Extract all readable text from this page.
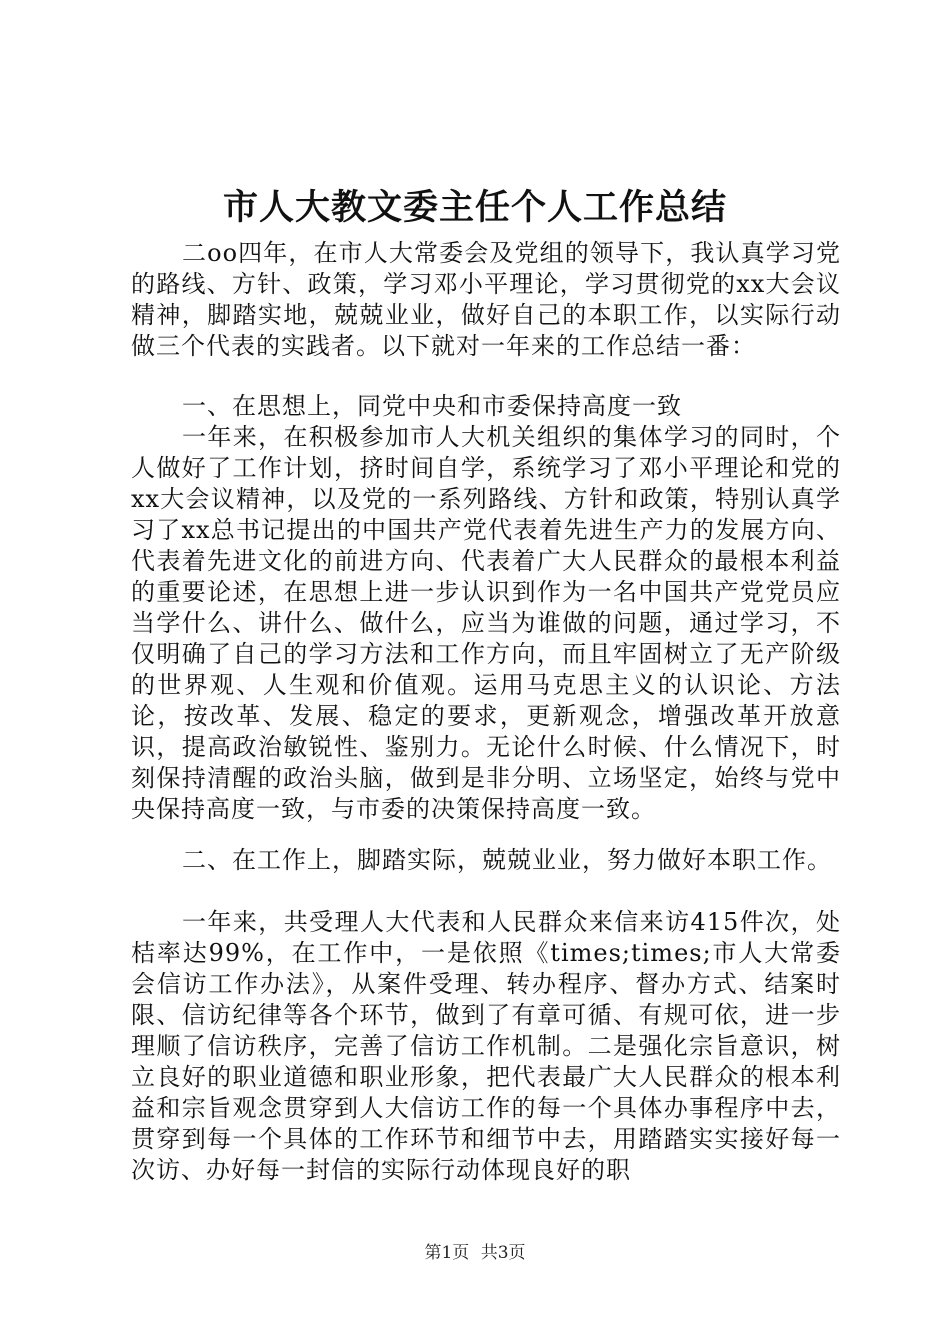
市人大教文委主任个人工作总结

二oo四年，在市人大常委会及党组的领导下，我认真学习党的路线、方针、政策，学习邓小平理论，学习贯彻党的xx大会议精神，脚踏实地，兢兢业业，做好自己的本职工作，以实际行动做三个代表的实践者。以下就对一年来的工作总结一番：

一、在思想上，同党中央和市委保持高度一致

一年来，在积极参加市人大机关组织的集体学习的同时，个人做好了工作计划，挤时间自学，系统学习了邓小平理论和党的xx大会议精神，以及党的一系列路线、方针和政策，特别认真学习了xx总书记提出的中国共产党代表着先进生产力的发展方向、代表着先进文化的前进方向、代表着广大人民群众的最根本利益的重要论述，在思想上进一步认识到作为一名中国共产党党员应当学什么、讲什么、做什么，应当为谁做的问题，通过学习，不仅明确了自己的学习方法和工作方向，而且牢固树立了无产阶级的世界观、人生观和价值观。运用马克思主义的认识论、方法论，按改革、发展、稳定的要求，更新观念，增强改革开放意识，提高政治敏锐性、鉴别力。无论什么时候、什么情况下，时刻保持清醒的政治头脑，做到是非分明、立场坚定，始终与党中央保持高度一致，与市委的决策保持高度一致。

二、在工作上，脚踏实际，兢兢业业，努力做好本职工作。

一年来，共受理人大代表和人民群众来信来访415件次，处桔率达99%，在工作中，一是依照《times;times;市人大常委会信访工作办法》，从案件受理、转办程序、督办方式、结案时限、信访纪律等各个环节，做到了有章可循、有规可依，进一步理顺了信访秩序，完善了信访工作机制。二是强化宗旨意识，树立良好的职业道德和职业形象，把代表最广大人民群众的根本利益和宗旨观念贯穿到人大信访工作的每一个具体办事程序中去，贯穿到每一个具体的工作环节和细节中去，用踏踏实实接好每一次访、办好每一封信的实际行动体现良好的职

第1页 共3页
